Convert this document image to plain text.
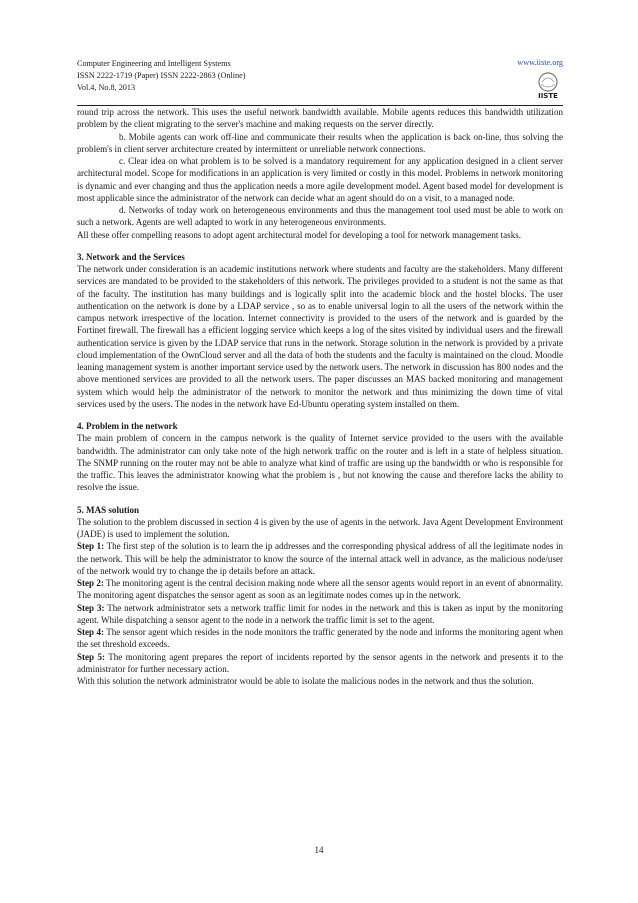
Computer Engineering and Intelligent Systems
ISSN 2222-1719 (Paper) ISSN 2222-2863 (Online)
Vol.4, No.8, 2013
www.iiste.org
IISTE

round trip across the network. This uses the useful network bandwidth available. Mobile agents reduces this bandwidth utilization problem by the client migrating to the server's machine and making requests on the server directly.

b. Mobile agents can work off-line and communicate their results when the application is back on-line, thus solving the problem's in client server architecture created by intermittent or unreliable network connections.

c. Clear idea on what problem is to be solved is a mandatory requirement for any application designed in a client server architectural model. Scope for modifications in an application is very limited or costly in this model. Problems in network monitoring is dynamic and ever changing and thus the application needs a more agile development model. Agent based model for development is most applicable since the administrator of the network can decide what an agent should do on a visit, to a managed node.

d. Networks of today work on heterogeneous environments and thus the management tool used must be able to work on such a network. Agents are well adapted to work in any heterogeneous environments.

All these offer compelling reasons to adopt agent architectural model for developing a tool for network management tasks.

3. Network and the Services

The network under consideration is an academic institutions network where students and faculty are the stakeholders. Many different services are mandated to be provided to the stakeholders of this network. The privileges provided to a student is not the same as that of the faculty. The institution has many buildings and is logically split into the academic block and the hostel blocks. The user authentication on the network is done by a LDAP service , so as to enable universal login to all the users of the network within the campus network irrespective of the location. Internet connectivity is provided to the users of the network and is guarded by the Fortinet firewall. The firewall has a efficient logging service which keeps a log of the sites visited by individual users and the firewall authentication service is given by the LDAP service that runs in the network. Storage solution in the network is provided by a private cloud implementation of the OwnCloud server and all the data of both the students and the faculty is maintained on the cloud. Moodle leaning management system is another important service used by the network users. The network in discussion has 800 nodes and the above mentioned services are provided to all the network users. The paper discusses an MAS backed monitoring and management system which would help the administrator of the network to monitor the network and thus minimizing the down time of vital services used by the users. The nodes in the network have Ed-Ubuntu operating system installed on them.

4. Problem in the network

The main problem of concern in the campus network is the quality of Internet service provided to the users with the available bandwidth. The administrator can only take note of the high network traffic on the router and is left in a state of helpless situation. The SNMP running on the router may not be able to analyze what kind of traffic are using up the bandwidth or who is responsible for the traffic. This leaves the administrator knowing what the problem is , but not knowing the cause and therefore lacks the ability to resolve the issue.

5. MAS solution

The solution to the problem discussed in section 4 is given by the use of agents in the network. Java Agent Development Environment (JADE) is used to implement the solution.

Step 1: The first step of the solution is to learn the ip addresses and the corresponding physical address of all the legitimate nodes in the network. This will be help the administrator to know the source of the internal attack well in advance, as the malicious node/user of the network would try to change the ip details before an attack.

Step 2: The monitoring agent is the central decision making node where all the sensor agents would report in an event of abnormality. The monitoring agent dispatches the sensor agent as soon as an legitimate nodes comes up in the network.

Step 3: The network administrator sets a network traffic limit for nodes in the network and this is taken as input by the monitoring agent. While dispatching a sensor agent to the node in a network the traffic limit is set to the agent.

Step 4: The sensor agent which resides in the node monitors the traffic generated by the node and informs the monitoring agent when the set threshold exceeds.

Step 5: The monitoring agent prepares the report of incidents reported by the sensor agents in the network and presents it to the administrator for further necessary action.

With this solution the network administrator would be able to isolate the malicious nodes in the network and thus the solution.

14
